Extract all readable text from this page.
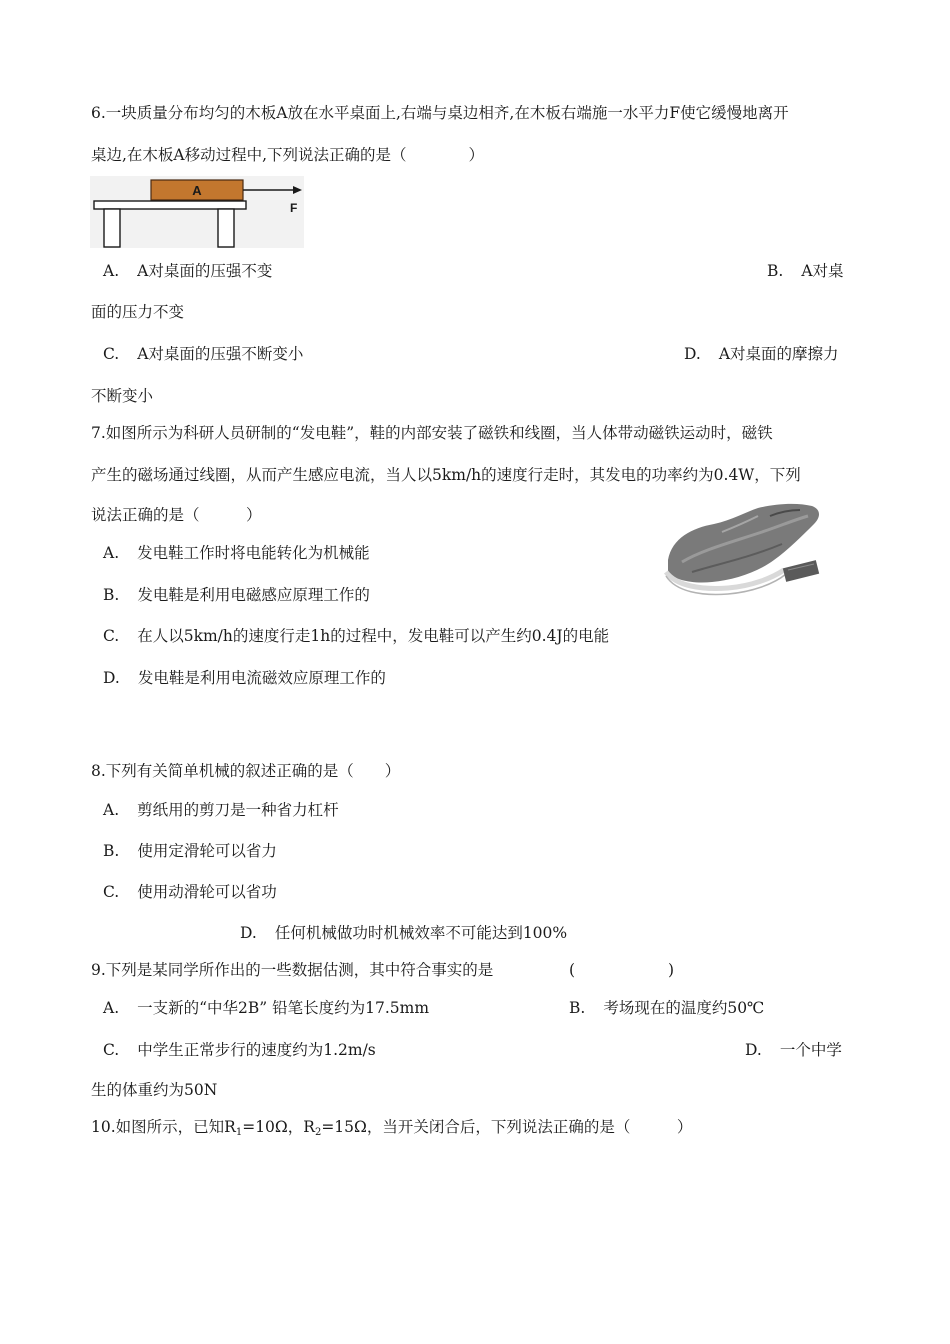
6.一块质量分布均匀的木板A放在水平桌面上,右端与桌边相齐,在木板右端施一水平力F使它缓慢地离开
桌边,在木板A移动过程中,下列说法正确的是（　　　　）
A
F
A. A对桌面的压强不变	B. A对桌
面的压力不变
C. A对桌面的压强不断变小	D. A对桌面的摩擦力
不断变小
7.如图所示为科研人员研制的“发电鞋”，鞋的内部安装了磁铁和线圈，当人体带动磁铁运动时，磁铁
产生的磁场通过线圈，从而产生感应电流，当人以5km/h的速度行走时，其发电的功率约为0.4W，下列
说法正确的是（　　　）
A. 发电鞋工作时将电能转化为机械能
B. 发电鞋是利用电磁感应原理工作的
C. 在人以5km/h的速度行走1h的过程中，发电鞋可以产生约0.4J的电能
D. 发电鞋是利用电流磁效应原理工作的
8.下列有关简单机械的叙述正确的是（　　）
A. 剪纸用的剪刀是一种省力杠杆
B. 使用定滑轮可以省力
C. 使用动滑轮可以省功
D. 任何机械做功时机械效率不可能达到100%
9.下列是某同学所作出的一些数据估测，其中符合事实的是	(　　　　　　)
A. 一支新的“中华2B” 铅笔长度约为17.5mm	B. 考场现在的温度约50℃
C. 中学生正常步行的速度约为1.2m/s	D. 一个中学
生的体重约为50N
10.如图所示，已知$R_1=10\Omega$，$R_2=15\Omega$，当开关闭合后，下列说法正确的是（　　　）
